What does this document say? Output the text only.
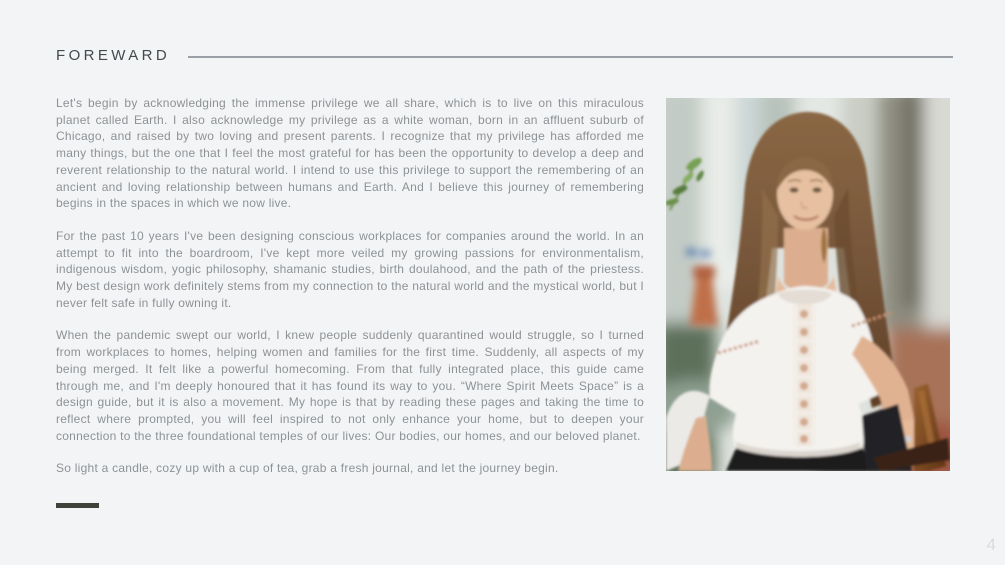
FOREWARD

Let's begin by acknowledging the immense privilege we all share, which is to live on this miraculous planet called Earth. I also acknowledge my privilege as a white woman, born in an affluent suburb of Chicago, and raised by two loving and present parents. I recognize that my privilege has afforded me many things, but the one that I feel the most grateful for has been the opportunity to develop a deep and reverent relationship to the natural world. I intend to use this privilege to support the remembering of an ancient and loving relationship between humans and Earth. And I believe this journey of remembering begins in the spaces in which we now live.

For the past 10 years I've been designing conscious workplaces for companies around the world. In an attempt to fit into the boardroom, I've kept more veiled my growing passions for environmentalism, indigenous wisdom, yogic philosophy, shamanic studies, birth doulahood, and the path of the priestess. My best design work definitely stems from my connection to the natural world and the mystical world, but I never felt safe in fully owning it.

When the pandemic swept our world, I knew people suddenly quarantined would struggle, so I turned from workplaces to homes, helping women and families for the first time. Suddenly, all aspects of my being merged. It felt like a powerful homecoming. From that fully integrated place, this guide came through me, and I'm deeply honoured that it has found its way to you. “Where Spirit Meets Space” is a design guide, but it is also a movement. My hope is that by reading these pages and taking the time to reflect where prompted, you will feel inspired to not only enhance your home, but to deepen your connection to the three foundational temples of our lives: Our bodies, our homes, and our beloved planet.

So light a candle, cozy up with a cup of tea, grab a fresh journal, and let the journey begin.

4
